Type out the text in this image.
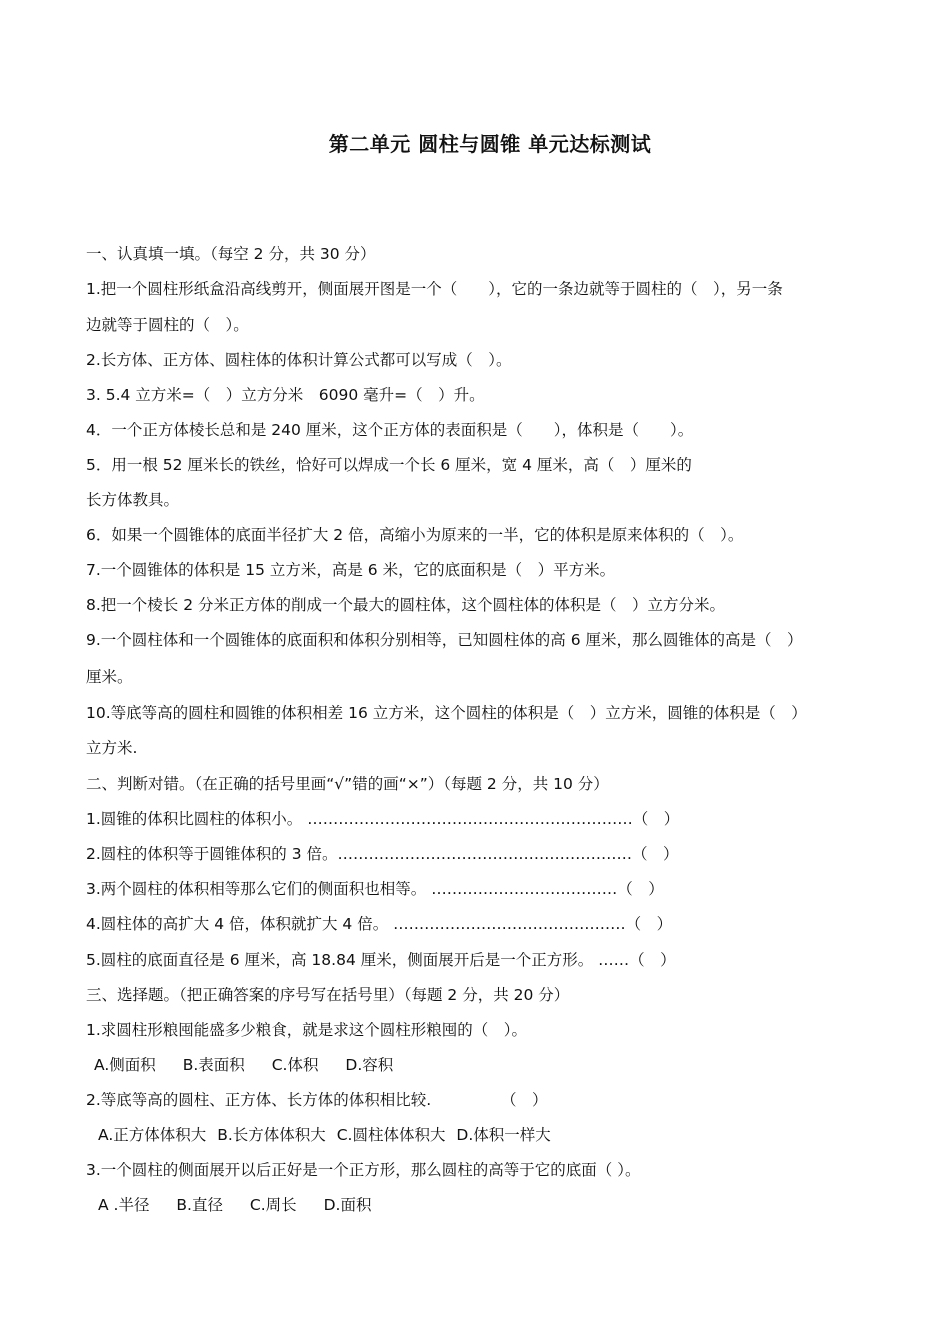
第二单元 圆柱与圆锥 单元达标测试

一、认真填一填。（每空 2 分，共 30 分）

1.把一个圆柱形纸盒沿高线剪开，侧面展开图是一个（　　），它的一条边就等于圆柱的（　），另一条

边就等于圆柱的（　）。

2.长方体、正方体、圆柱体的体积计算公式都可以写成（　）。

3. 5.4 立方米=（　）立方分米　6090 毫升=（　）升。

4．一个正方体棱长总和是 240 厘米，这个正方体的表面积是（　　），体积是（　　）。

5．用一根 52 厘米长的铁丝，恰好可以焊成一个长 6 厘米，宽 4 厘米，高（　）厘米的

长方体教具。

6．如果一个圆锥体的底面半径扩大 2 倍，高缩小为原来的一半，它的体积是原来体积的（　）。

7.一个圆锥体的体积是 15 立方米，高是 6 米，它的底面积是（　）平方米。

8.把一个棱长 2 分米正方体的削成一个最大的圆柱体，这个圆柱体的体积是（　）立方分米。

9.一个圆柱体和一个圆锥体的底面积和体积分别相等，已知圆柱体的高 6 厘米，那么圆锥体的高是（　）

厘米。

10.等底等高的圆柱和圆锥的体积相差 16 立方米，这个圆柱的体积是（　）立方米，圆锥的体积是（　）

立方米.

二、判断对错。（在正确的括号里画“√”错的画“×”）（每题 2 分，共 10 分）

1.圆锥的体积比圆柱的体积小。 ………………………………………………………（　）

2.圆柱的体积等于圆锥体积的 3 倍。…………………………………………………（　）

3.两个圆柱的体积相等那么它们的侧面积也相等。 ………………………………（　）

4.圆柱体的高扩大 4 倍，体积就扩大 4 倍。 ………………………………………（　）

5.圆柱的底面直径是 6 厘米，高 18.84 厘米，侧面展开后是一个正方形。 ……（　）

三、选择题。（把正确答案的序号写在括号里）（每题 2 分，共 20 分）

1.求圆柱形粮囤能盛多少粮食，就是求这个圆柱形粮囤的（　）。

A.侧面积 B.表面积 C.体积 D.容积

2.等底等高的圆柱、正方体、长方体的体积相比较.　　　　　（　）

A.正方体体积大 B.长方体体积大 C.圆柱体体积大 D.体积一样大

3.一个圆柱的侧面展开以后正好是一个正方形，那么圆柱的高等于它的底面（ ）。

A .半径 B.直径 C.周长 D.面积
